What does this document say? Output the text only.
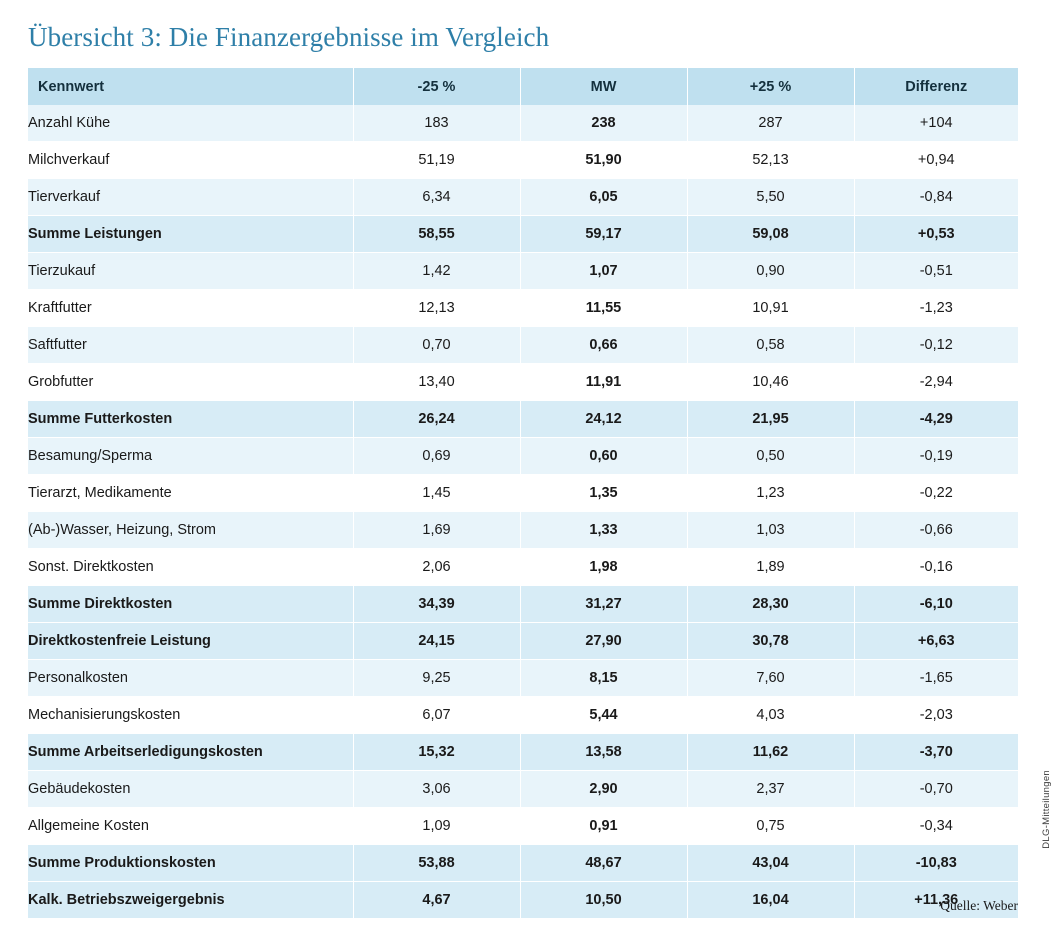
Übersicht 3: Die Finanzergebnisse im Vergleich
Kennwert	-25 %	MW	+25 %	Differenz
Anzahl Kühe	183	238	287	+104
Milchverkauf	51,19	51,90	52,13	+0,94
Tierverkauf	6,34	6,05	5,50	-0,84
Summe Leistungen	58,55	59,17	59,08	+0,53
Tierzukauf	1,42	1,07	0,90	-0,51
Kraftfutter	12,13	11,55	10,91	-1,23
Saftfutter	0,70	0,66	0,58	-0,12
Grobfutter	13,40	11,91	10,46	-2,94
Summe Futterkosten	26,24	24,12	21,95	-4,29
Besamung/Sperma	0,69	0,60	0,50	-0,19
Tierarzt, Medikamente	1,45	1,35	1,23	-0,22
(Ab-)Wasser, Heizung, Strom	1,69	1,33	1,03	-0,66
Sonst. Direktkosten	2,06	1,98	1,89	-0,16
Summe Direktkosten	34,39	31,27	28,30	-6,10
Direktkostenfreie Leistung	24,15	27,90	30,78	+6,63
Personalkosten	9,25	8,15	7,60	-1,65
Mechanisierungskosten	6,07	5,44	4,03	-2,03
Summe Arbeitserledigungskosten	15,32	13,58	11,62	-3,70
Gebäudekosten	3,06	2,90	2,37	-0,70
Allgemeine Kosten	1,09	0,91	0,75	-0,34
Summe Produktionskosten	53,88	48,67	43,04	-10,83
Kalk. Betriebszweigergebnis	4,67	10,50	16,04	+11,36
Quelle: Weber
DLG-Mitteilungen
